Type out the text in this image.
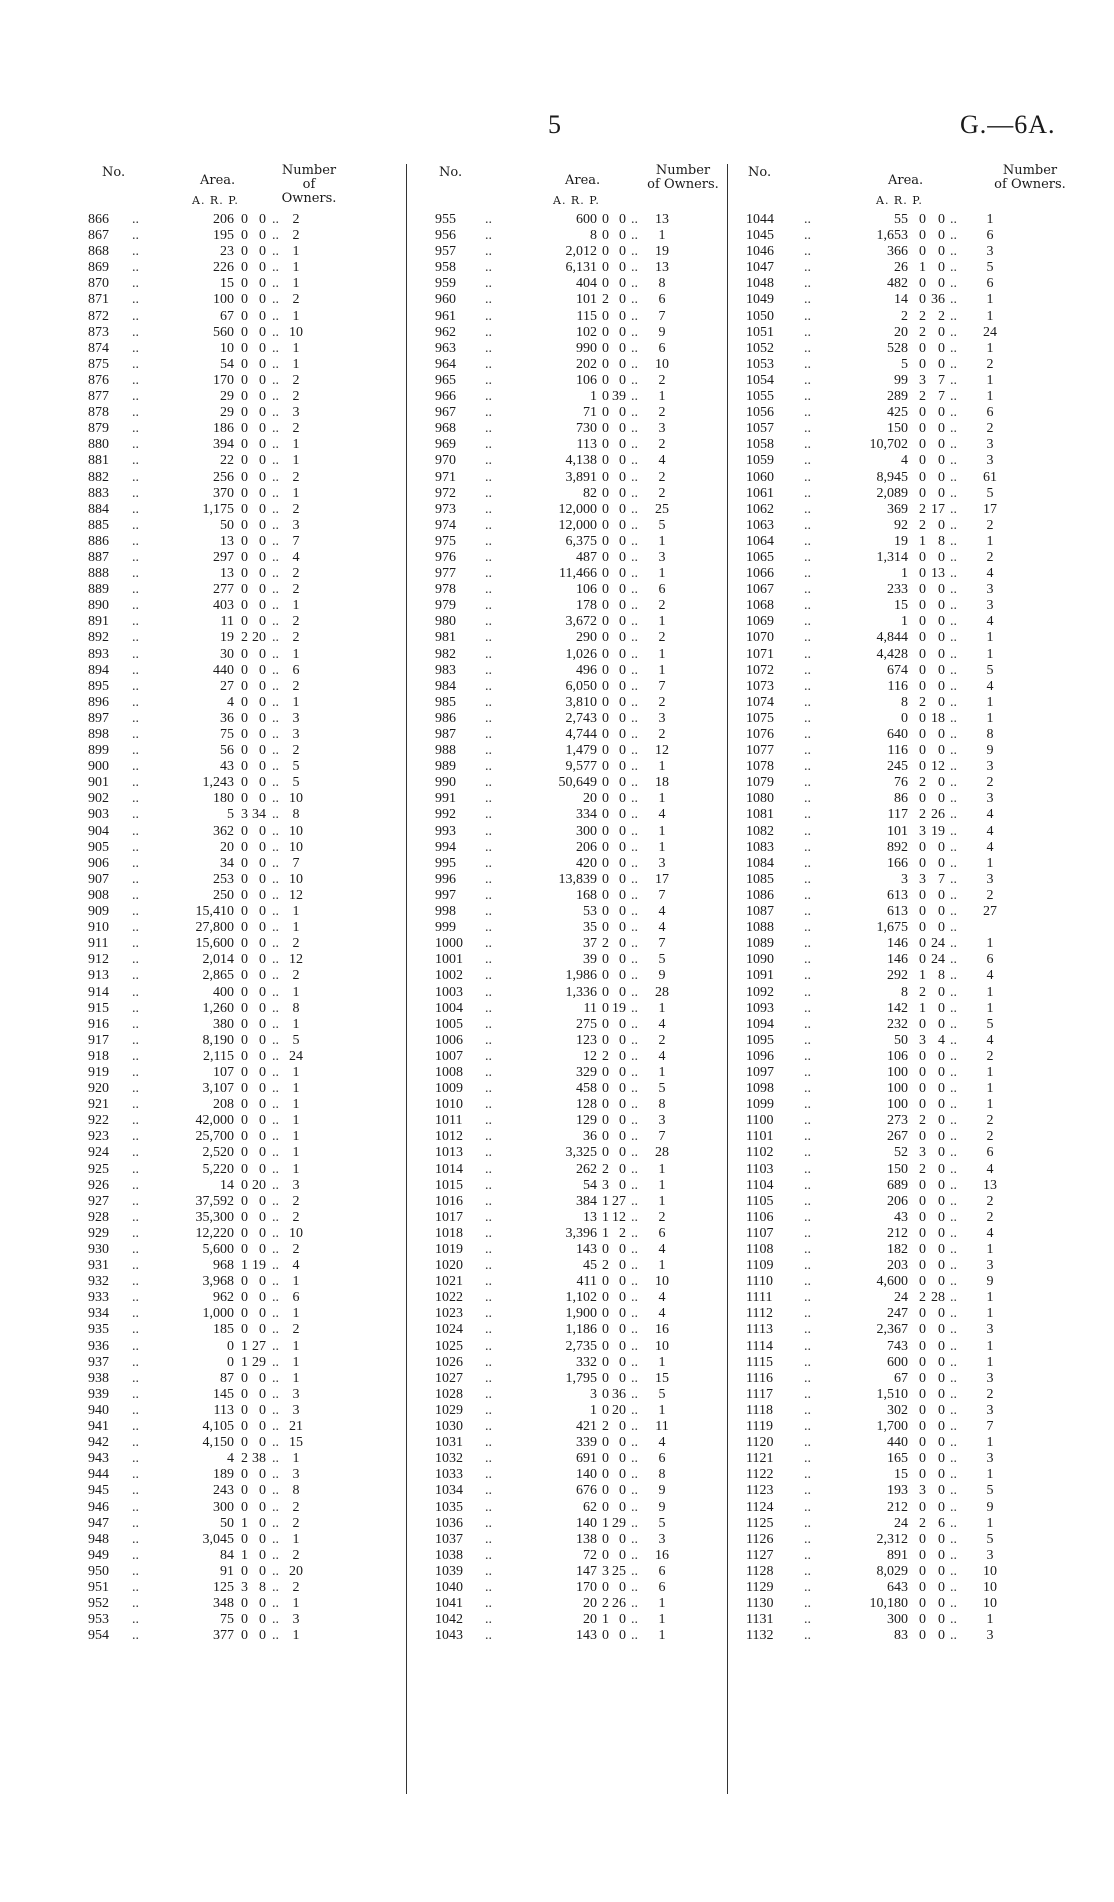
5	G.—6A.
No.
Area.
A. R. P.
Number
of Owners.
866	..	206 0 0 .. 2
867	..	195 0 0 .. 2
868	..	23 0 0 .. 1
869	..	226 0 0 .. 1
870	..	15 0 0 .. 1
871	..	100 0 0 .. 2
872	..	67 0 0 .. 1
873	..	560 0 0 .. 10
874	..	10 0 0 .. 1
875	..	54 0 0 .. 1
876	..	170 0 0 .. 2
877	..	29 0 0 .. 2
878	..	29 0 0 .. 3
879	..	186 0 0 .. 2
880	..	394 0 0 .. 1
881	..	22 0 0 .. 1
882	..	256 0 0 .. 2
883	..	370 0 0 .. 1
884	..	1,175 0 0 .. 2
885	..	50 0 0 .. 3
886	..	13 0 0 .. 7
887	..	297 0 0 .. 4
888	..	13 0 0 .. 2
889	..	277 0 0 .. 2
890	..	403 0 0 .. 1
891	..	11 0 0 .. 2
892	..	19 2 20 .. 2
893	..	30 0 0 .. 1
894	..	440 0 0 .. 6
895	..	27 0 0 .. 2
896	..	4 0 0 .. 1
897	..	36 0 0 .. 3
898	..	75 0 0 .. 3
899	..	56 0 0 .. 2
900	..	43 0 0 .. 5
901	..	1,243 0 0 .. 5
902	..	180 0 0 .. 10
903	..	5 3 34 .. 8
904	..	362 0 0 .. 10
905	..	20 0 0 .. 10
906	..	34 0 0 .. 7
907	..	253 0 0 .. 10
908	..	250 0 0 .. 12
909	..	15,410 0 0 .. 1
910	..	27,800 0 0 .. 1
911	..	15,600 0 0 .. 2
912	..	2,014 0 0 .. 12
913	..	2,865 0 0 .. 2
914	..	400 0 0 .. 1
915	..	1,260 0 0 .. 8
916	..	380 0 0 .. 1
917	..	8,190 0 0 .. 5
918	..	2,115 0 0 .. 24
919	..	107 0 0 .. 1
920	..	3,107 0 0 .. 1
921	..	208 0 0 .. 1
922	..	42,000 0 0 .. 1
923	..	25,700 0 0 .. 1
924	..	2,520 0 0 .. 1
925	..	5,220 0 0 .. 1
926	..	14 0 20 .. 3
927	..	37,592 0 0 .. 2
928	..	35,300 0 0 .. 2
929	..	12,220 0 0 .. 10
930	..	5,600 0 0 .. 2
931	..	968 1 19 .. 4
932	..	3,968 0 0 .. 1
933	..	962 0 0 .. 6
934	..	1,000 0 0 .. 1
935	..	185 0 0 .. 2
936	..	0 1 27 .. 1
937	..	0 1 29 .. 1
938	..	87 0 0 .. 1
939	..	145 0 0 .. 3
940	..	113 0 0 .. 3
941	..	4,105 0 0 .. 21
942	..	4,150 0 0 .. 15
943	..	4 2 38 .. 1
944	..	189 0 0 .. 3
945	..	243 0 0 .. 8
946	..	300 0 0 .. 2
947	..	50 1 0 .. 2
948	..	3,045 0 0 .. 1
949	..	84 1 0 .. 2
950	..	91 0 0 .. 20
951	..	125 3 8 .. 2
952	..	348 0 0 .. 1
953	..	75 0 0 .. 3
954	..	377 0 0 .. 1
No.
Area.
A. R. P.
Number
of Owners.
955	..	600 0 0 ..	13
956	..	8 0 0 ..	1
957	..	2,012 0 0 ..	19
958	..	6,131 0 0 ..	13
959	..	404 0 0 ..	8
960	..	101 2 0 ..	6
961	..	115 0 0 ..	7
962	..	102 0 0 ..	9
963	..	990 0 0 ..	6
964	..	202 0 0 ..	10
965	..	106 0 0 ..	2
966	..	1 0 39 ..	1
967	..	71 0 0 ..	2
968	..	730 0 0 ..	3
969	..	113 0 0 ..	2
970	..	4,138 0 0 ..	4
971	..	3,891 0 0 ..	2
972	..	82 0 0 ..	2
973	..	12,000 0 0 ..	25
974	..	12,000 0 0 ..	5
975	..	6,375 0 0 ..	1
976	..	487 0 0 ..	3
977	..	11,466 0 0 ..	1
978	..	106 0 0 ..	6
979	..	178 0 0 ..	2
980	..	3,672 0 0 ..	1
981	..	290 0 0 ..	2
982	..	1,026 0 0 ..	1
983	..	496 0 0 ..	1
984	..	6,050 0 0 ..	7
985	..	3,810 0 0 ..	2
986	..	2,743 0 0 ..	3
987	..	4,744 0 0 ..	2
988	..	1,479 0 0 ..	12
989	..	9,577 0 0 ..	1
990	..	50,649 0 0 ..	18
991	..	20 0 0 ..	1
992	..	334 0 0 ..	4
993	..	300 0 0 ..	1
994	..	206 0 0 ..	1
995	..	420 0 0 ..	3
996	..	13,839 0 0 ..	17
997	..	168 0 0 ..	7
998	..	53 0 0 ..	4
999	..	35 0 0 ..	4
1000	..	37 2 0 ..	7
1001	..	39 0 0 ..	5
1002	..	1,986 0 0 ..	9
1003	..	1,336 0 0 ..	28
1004	..	11 0 19 ..	1
1005	..	275 0 0 ..	4
1006	..	123 0 0 ..	2
1007	..	12 2 0 ..	4
1008	..	329 0 0 ..	1
1009	..	458 0 0 ..	5
1010	..	128 0 0 ..	8
1011	..	129 0 0 ..	3
1012	..	36 0 0 ..	7
1013	..	3,325 0 0 ..	28
1014	..	262 2 0 ..	1
1015	..	54 3 0 ..	1
1016	..	384 1 27 ..	1
1017	..	13 1 12 ..	2
1018	..	3,396 1 2 ..	6
1019	..	143 0 0 ..	4
1020	..	45 2 0 ..	1
1021	..	411 0 0 ..	10
1022	..	1,102 0 0 ..	4
1023	..	1,900 0 0 ..	4
1024	..	1,186 0 0 ..	16
1025	..	2,735 0 0 ..	10
1026	..	332 0 0 ..	1
1027	..	1,795 0 0 ..	15
1028	..	3 0 36 ..	5
1029	..	1 0 20 ..	1
1030	..	421 2 0 ..	11
1031	..	339 0 0 ..	4
1032	..	691 0 0 ..	6
1033	..	140 0 0 ..	8
1034	..	676 0 0 ..	9
1035	..	62 0 0 ..	9
1036	..	140 1 29 ..	5
1037	..	138 0 0 ..	3
1038	..	72 0 0 ..	16
1039	..	147 3 25 ..	6
1040	..	170 0 0 ..	6
1041	..	20 2 26 ..	1
1042	..	20 1 0 ..	1
1043	..	143 0 0 ..	1
No.
Area.
A. R. P.
Number
of Owners.
1044	..	55 0 0 ..	1
1045	..	1,653 0 0 ..	6
1046	..	366 0 0 ..	3
1047	..	26 1 0 ..	5
1048	..	482 0 0 ..	6
1049	..	14 0 36 ..	1
1050	..	2 2 2 ..	1
1051	..	20 2 0 ..	24
1052	..	528 0 0 ..	1
1053	..	5 0 0 ..	2
1054	..	99 3 7 ..	1
1055	..	289 2 7 ..	1
1056	..	425 0 0 ..	6
1057	..	150 0 0 ..	2
1058	..	10,702 0 0 ..	3
1059	..	4 0 0 ..	3
1060	..	8,945 0 0 ..	61
1061	..	2,089 0 0 ..	5
1062	..	369 2 17 ..	17
1063	..	92 2 0 ..	2
1064	..	19 1 8 ..	1
1065	..	1,314 0 0 ..	2
1066	..	1 0 13 ..	4
1067	..	233 0 0 ..	3
1068	..	15 0 0 ..	3
1069	..	1 0 0 ..	4
1070	..	4,844 0 0 ..	1
1071	..	4,428 0 0 ..	1
1072	..	674 0 0 ..	5
1073	..	116 0 0 ..	4
1074	..	8 2 0 ..	1
1075	..	0 0 18 ..	1
1076	..	640 0 0 ..	8
1077	..	116 0 0 ..	9
1078	..	245 0 12 ..	3
1079	..	76 2 0 ..	2
1080	..	86 0 0 ..	3
1081	..	117 2 26 ..	4
1082	..	101 3 19 ..	4
1083	..	892 0 0 ..	4
1084	..	166 0 0 ..	1
1085	..	3 3 7 ..	3
1086	..	613 0 0 ..	2
1087	..	613 0 0 ..	27
1088	..	1,675 0 0 ..
1089	..	146 0 24 ..	1
1090	..	146 0 24 ..	6
1091	..	292 1 8 ..	4
1092	..	8 2 0 ..	1
1093	..	142 1 0 ..	1
1094	..	232 0 0 ..	5
1095	..	50 3 4 ..	4
1096	..	106 0 0 ..	2
1097	..	100 0 0 ..	1
1098	..	100 0 0 ..	1
1099	..	100 0 0 ..	1
1100	..	273 2 0 ..	2
1101	..	267 0 0 ..	2
1102	..	52 3 0 ..	6
1103	..	150 2 0 ..	4
1104	..	689 0 0 ..	13
1105	..	206 0 0 ..	2
1106	..	43 0 0 ..	2
1107	..	212 0 0 ..	4
1108	..	182 0 0 ..	1
1109	..	203 0 0 ..	3
1110	..	4,600 0 0 ..	9
1111	..	24 2 28 ..	1
1112	..	247 0 0 ..	1
1113	..	2,367 0 0 ..	3
1114	..	743 0 0 ..	1
1115	..	600 0 0 ..	1
1116	..	67 0 0 ..	3
1117	..	1,510 0 0 ..	2
1118	..	302 0 0 ..	3
1119	..	1,700 0 0 ..	7
1120	..	440 0 0 ..	1
1121	..	165 0 0 ..	3
1122	..	15 0 0 ..	1
1123	..	193 3 0 ..	5
1124	..	212 0 0 ..	9
1125	..	24 2 6 ..	1
1126	..	2,312 0 0 ..	5
1127	..	891 0 0 ..	3
1128	..	8,029 0 0 ..	10
1129	..	643 0 0 ..	10
1130	..	10,180 0 0 ..	10
1131	..	300 0 0 ..	1
1132	..	83 0 0 ..	3
